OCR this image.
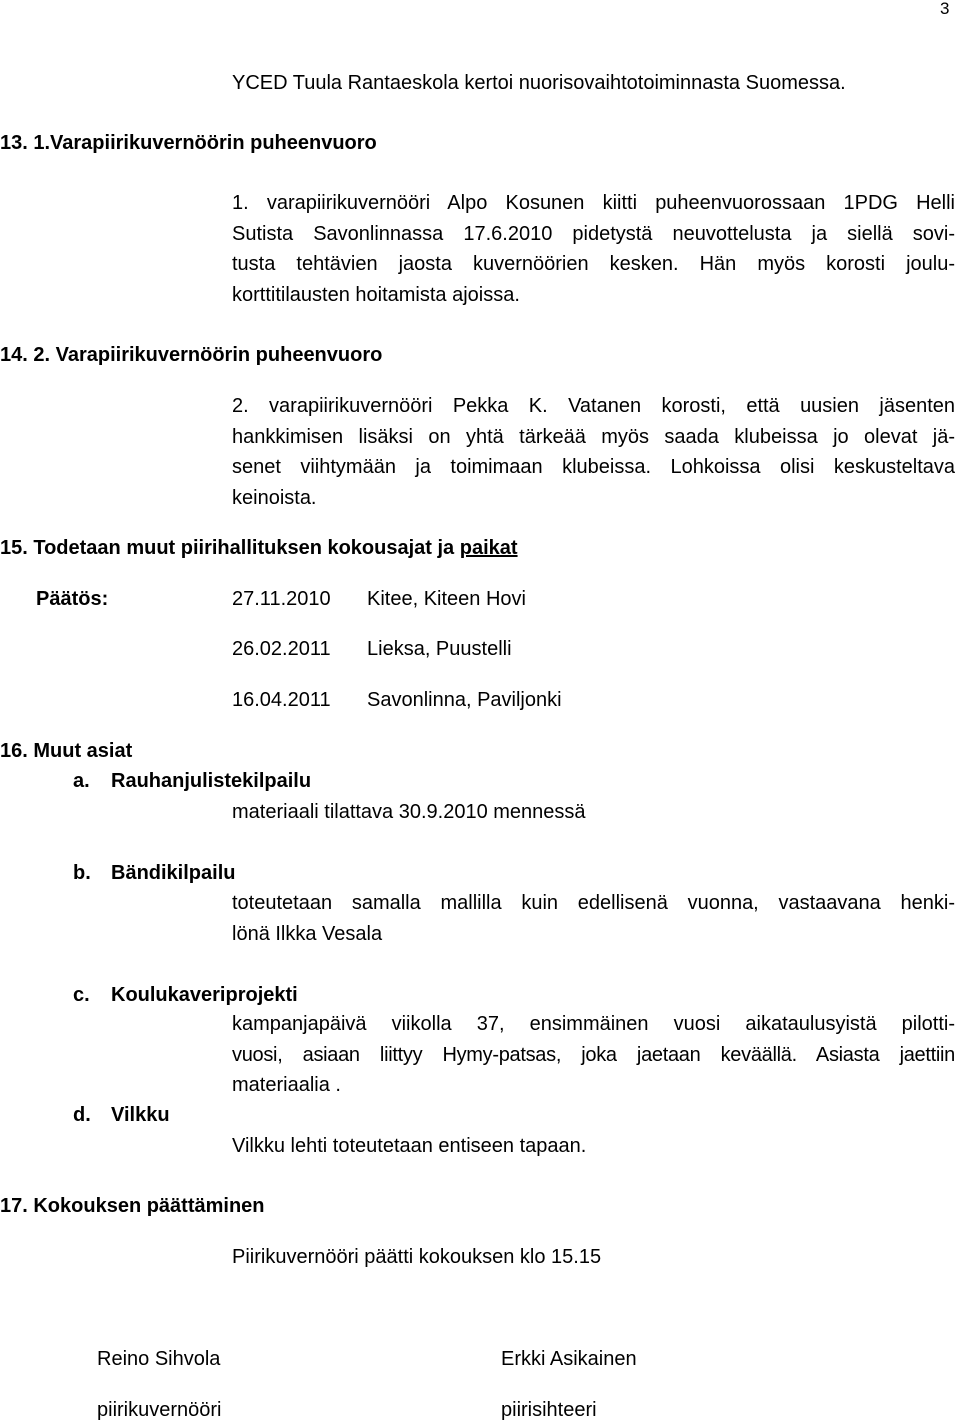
3
YCED Tuula Rantaeskola kertoi nuorisovaihtotoiminnasta Suomessa.
13. 1.Varapiirikuvernöörin puheenvuoro
1. varapiirikuvernööri Alpo Kosunen kiitti puheenvuorossaan 1PDG Helli
Sutista Savonlinnassa 17.6.2010 pidetystä neuvottelusta ja siellä sovi-
tusta tehtävien jaosta kuvernöörien kesken. Hän myös korosti joulu-
korttitilausten hoitamista ajoissa.
14. 2. Varapiirikuvernöörin puheenvuoro
2. varapiirikuvernööri Pekka K. Vatanen korosti, että uusien jäsenten
hankkimisen lisäksi on yhtä tärkeää myös saada klubeissa jo olevat jä-
senet viihtymään ja toimimaan klubeissa. Lohkoissa olisi keskusteltava
keinoista.
15. Todetaan muut piirihallituksen kokousajat ja paikat
Päätös:	27.11.2010 Kitee, Kiteen Hovi
26.02.2011 Lieksa, Puustelli
16.04.2011 Savonlinna, Paviljonki
16. Muut asiat
a. Rauhanjulistekilpailu
materiaali tilattava 30.9.2010 mennessä
b. Bändikilpailu
toteutetaan samalla mallilla kuin edellisenä vuonna, vastaavana henki-
lönä Ilkka Vesala
c. Koulukaveriprojekti
kampanjapäivä viikolla 37, ensimmäinen vuosi aikataulusyistä pilotti-
vuosi, asiaan liittyy Hymy-patsas, joka jaetaan keväällä. Asiasta jaettiin
materiaalia .
d. Vilkku
Vilkku lehti toteutetaan entiseen tapaan.
17. Kokouksen päättäminen
Piirikuvernööri päätti kokouksen klo 15.15
Reino Sihvola
piirikuvernööri
Erkki Asikainen
piirisihteeri
